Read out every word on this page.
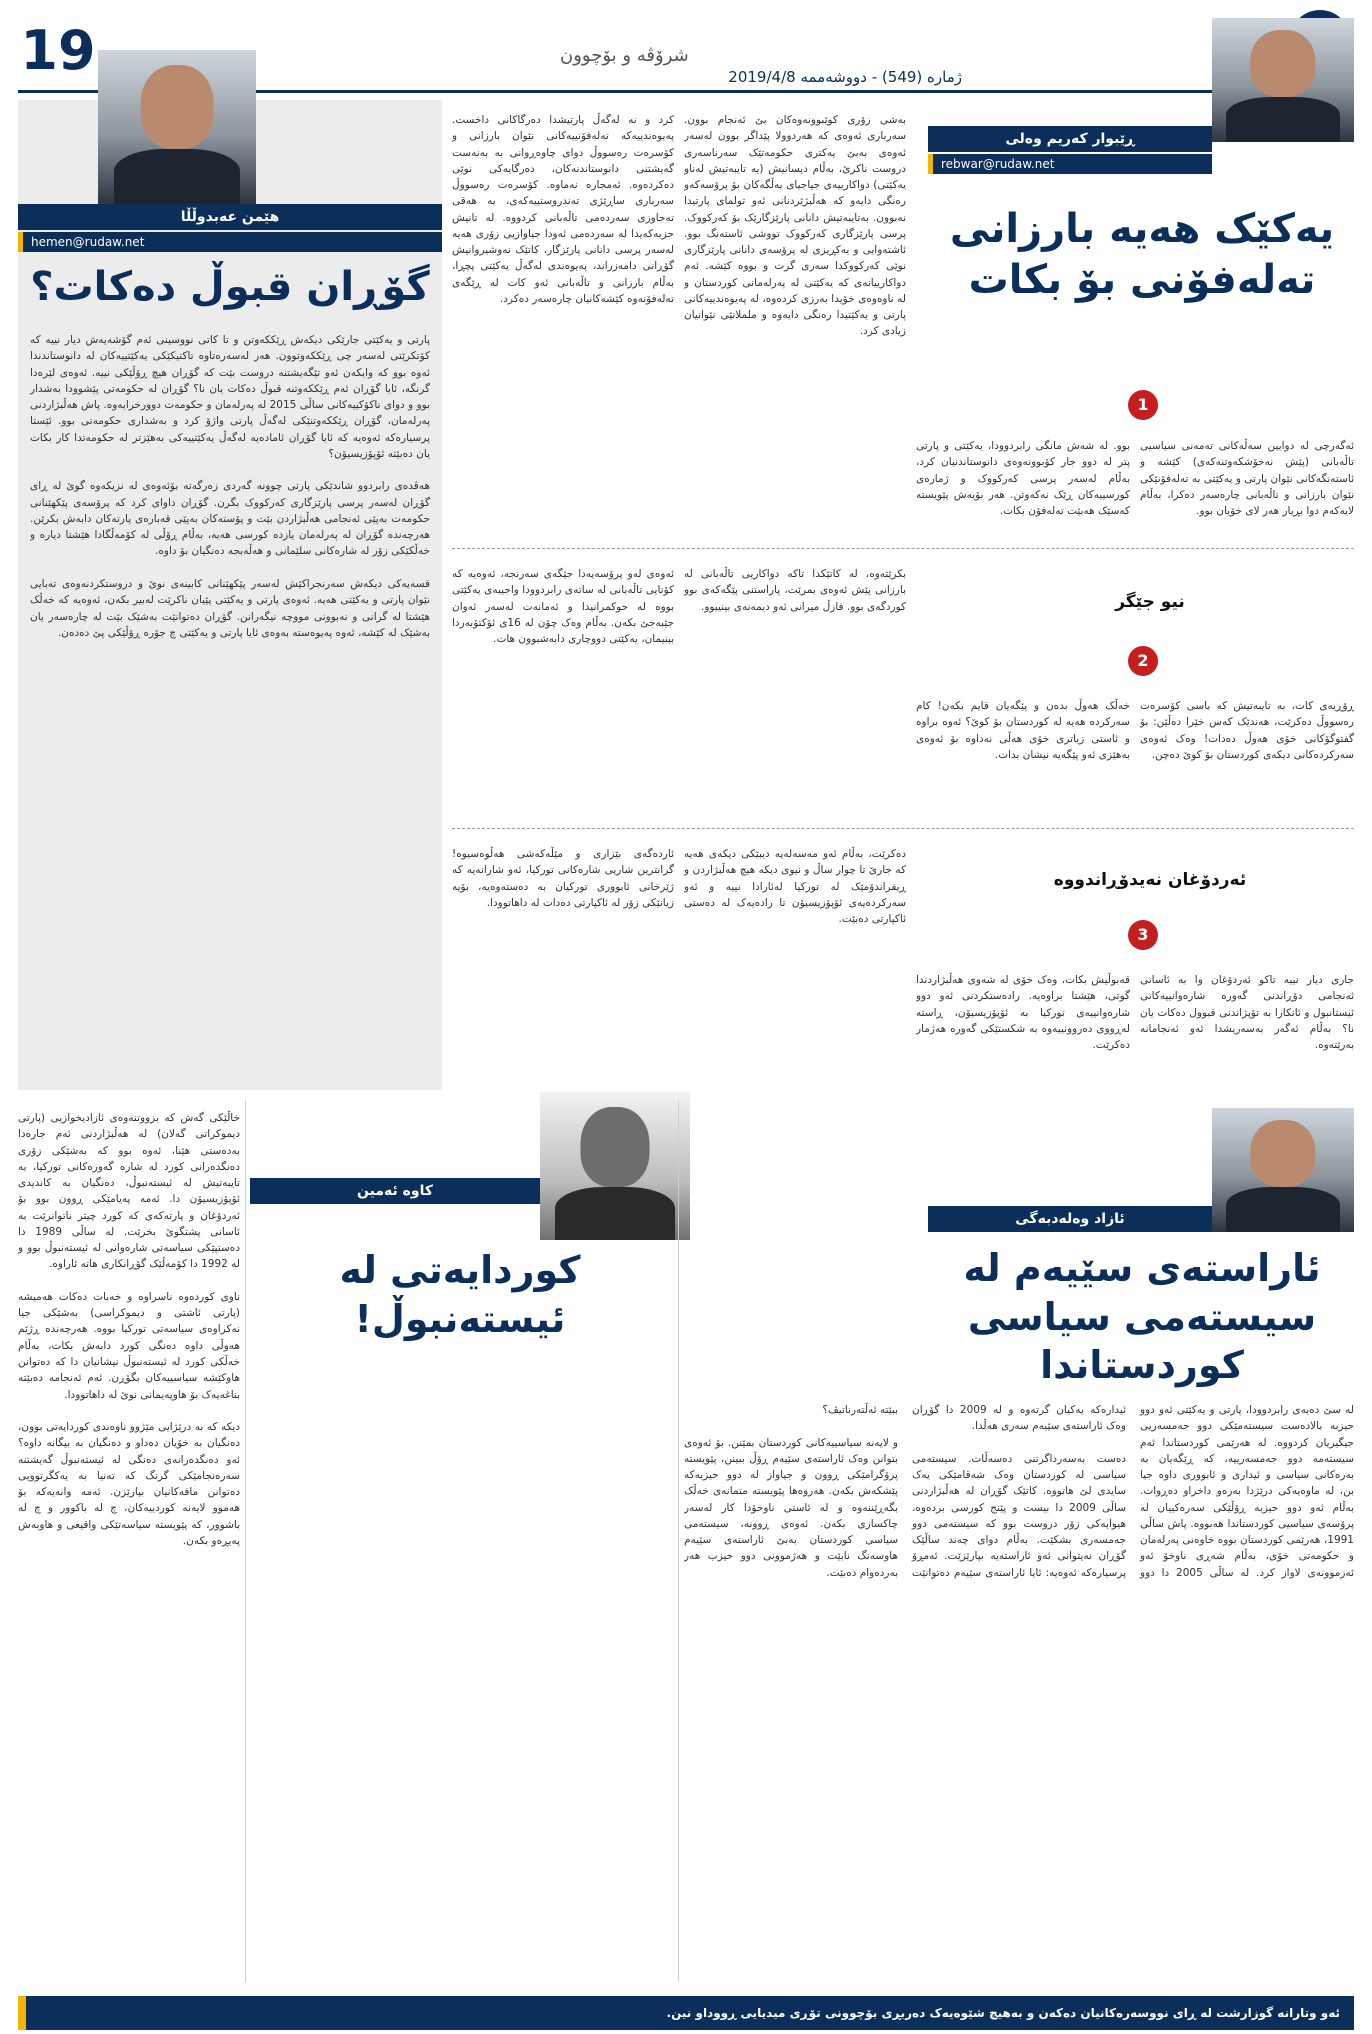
19	شرۆڤە و بۆچوون
ژمارە (549) - دووشەممە 2019/4/8
ڕێبوار کەریم وەلی
rebwar@rudaw.net
یەکێک هەیە بارزانی تەلەفۆنی بۆ بکات
1
ئەگەرچی لە دوایین سەڵەکانی تەمەنی سیاسیی تاڵەبانی (پێش نەخۆشکەوتنەکەی) کێشە و ئاستەنگەکانی نێوان پارتی و یەکێتی بە تەلەفۆنێکی نێوان بارزانی و تاڵەبانی چارەسەر دەکرا، بەڵام لایەکەم دوا بڕیار هەر لای خۆیان بوو.
بوو. لە شەش مانگی رابردوودا، یەکێتی و پارتی پتر لە دوو جار کۆبوونەوەی دانوستاندنیان کرد، بەڵام لەسەر پرسی کەرکووک و ژمارەی کورسییەکان ڕێک نەکەوتن. هەر بۆیەش پێویستە کەسێک هەبێت تەلەفۆن بکات.
بەشی زۆری کوێبوونەوەکان بێ ئەنجام بوون. سەرباری ئەوەی کە هەردوولا پێداگر بوون لەسەر ئەوەی بەبێ یەکتری حکومەتێک سەرناسەری دروست ناکرێ، بەڵام دیسانیش (یە تایبەتیش لەناو یەکێتی) دواکارییەی جیاجیای بەڵگەکان بۆ پرۆسەکەو رەنگی دایەو کە هەڵبژێردنانی ئەو تولمای پارتیدا نەبوون. بەتایبەتیش دانانی پارێزگارێک بۆ کەرکووک. پرسی پارێزگاری کەرکووک تووشی ئاستەنگ بوو. ئاشتەوایی و یەکڕیزی لە پرۆسەی دانانی پارێزگاری نوێی کەرکووکدا سەری گرت و بووە کێشە. ئەم دواکارییانەی کە یەکێتی لە پەرلەمانی کوردستان و لە ناوەوەی خۆیدا بەرزی کردەوە، لە پەیوەندییەکانی پارتی و یەکێتیدا رەنگی دایەوە و ململانێی نێوانیان زیادی کرد.
کرد و نە لەگەڵ پارتیشدا دەرگاکانی داخست. پەیوەندییەکە تەلەفۆنییەکانی نێوان بارزانی و کۆسرەت رەسووڵ دوای چاوەڕوانی بە بەنەست گەیشتنی دانوستاندنەکان، دەرگایەکی نوێی دەکردەوە. ئەمجارە نەماوە. کۆسرەت رەسووڵ سەرباری ساڕێژی تەندروستییەکەی، بە هەقی تەجاوزی سەردەمی تاڵەبانی کردووە. لە تانیش حزبەکەیدا لە سەردەمی ئەودا جیاوازیی زۆری هەیە لەسەر پرسی دانانی پارێزگار، کاتێک نەوشیروانیش گۆڕانی دامەزراند، پەیوەندی لەگەڵ یەکێتی پچڕا، بەڵام بارزانی و تاڵەبانی ئەو کات لە ڕێگەی تەلەفۆنەوە کێشەکانیان چارەسەر دەکرد.
نیو جێگر
2
ڕۆڕیەی کات، بە تایبەتیش کە باسی کۆسرەت رەسووڵ دەکرێت، هەندێک کەس خێرا دەڵێن: بۆ گفتوگۆکانی خۆی هەوڵ دەدات! وەک ئەوەی سەرکردەکانی دیکەی کوردستان بۆ کوێ دەچن.
خەڵک هەوڵ بدەن و پێگەیان قایم بکەن! کام سەرکردە هەیە لە کوردستان بۆ کوێ؟ ئەوە براوە و ئاستی زیاتری خۆی هەڵی نەداوە بۆ ئەوەی بەهێزی ئەو پێگەیە نیشان بدات.
بکرێتەوە، لە کاتێکدا تاکە دواکاریی تاڵەبانی لە بارزانی پێش ئەوەی بمرێت، پاراستنی پێگەکەی بوو کوردگەی بوو. فازڵ میرانی ئەو دیمەنەی بینیبوو.
ئەوەی لەو پرۆسەیەدا جێگەی سەرنجە، ئەوەیە کە کۆتایی تاڵەبانی لە ساتەی رابردوودا واجیبەی یەکێتی بووە لە حوکمرانیدا و ئەمانەت لەسەر ئەوان جێبەجێ بکەن. بەڵام وەک چۆن لە 16ی ئۆکتۆبەردا بینیمان، یەکێتی دووچاری دابەشبوون هات.
ئەردۆغان نەیدۆڕاندووە
3
جاری دیار نییە تاکو ئەردۆغان وا بە ئاسانی ئەنجامی دۆڕاندنی گەورە شارەوانییەکانی ئیستانبول و ئانکارا بە تۆپژاندنی قبوول دەکات یان نا؟ بەڵام ئەگەر بەسەریشدا ئەو ئەنجامانە بەرێتەوە.
قەبوڵیش بکات، وەک خۆی لە شەوی هەڵبژاردندا گوتی، هێشتا براوەیە. رادەستکردنی ئەو دوو شارەوانییەی تورکیا بە ئۆپۆزیسیۆن، ڕاستە لەڕووی دەروونییەوە بە شکستێکی گەورە هەژمار دەکرێت.
دەکرێت، بەڵام ئەو مەسەلەیە دیبێکی دیکەی هەیە کە جارێ تا چوار ساڵ و نیوی دیکە هیچ هەڵبژاردن و ڕیفراندۆمێک لە تورکیا لەئارادا نییە و ئەو سەرکردەیەی ئۆپۆزیسیۆن تا رادەیەک لە دەستی ئاکپارتی دەبێت.
ئاردەگەی بێزاری و مێڵەکەشی هەڵوەسیوە! گرانترین شاریی شارەکانی تورکیا، ئەو شارانەیە کە ژێرخانی ئابووری تورکیان بە دەستەوەیە، بۆیە زیانێکی زۆر لە ئاکپارتی دەدات لە داهاتوودا.
هێمن عەبدوڵڵا
hemen@rudaw.net
گۆڕان قبوڵ دەکات؟
پارتی و یەکێتی جارێکی دیکەش ڕێککەوتن و تا کاتی نووسینی ئەم گۆشەیەش دیار نییە کە کۆتکرێتی لەسەر چی ڕێککەوتوون. هەر لەسەرەتاوە تاکتیکێکی یەکێتییەکان لە دانوستاندندا ئەوە بوو کە وایکەن ئەو تێگەیشتنە دروست بێت کە گۆڕان هیچ ڕۆڵێکی نییە. ئەوەی لێرەدا گرنگە، ئایا گۆڕان ئەم ڕێککەوتنە قبوڵ دەکات یان نا؟ گۆڕان لە حکومەتی پێشوودا بەشدار بوو و دوای ناکۆکییەکانی ساڵی 2015 لە پەرلەمان و حکومەت دوورخرایەوە. پاش هەڵبژاردنی پەرلەمان، گۆڕان ڕێککەوتنێکی لەگەڵ پارتی واژۆ کرد و بەشداری حکومەتی بوو. ئێستا پرسیارەکە ئەوەیە کە ئایا گۆڕان ئامادەیە لەگەڵ یەکێتییەکی بەهێزتر لە حکومەتدا کار بکات یان دەبێتە ئۆپۆزیسیۆن؟

هەڤدەی رابردوو شاندێکی پارتی چوونە گەردی زەرگەتە بۆئەوەی لە نزیکەوە گوێ لە ڕای گۆڕان لەسەر پرسی پارێزگاری کەرکووک بگرن. گۆڕان داوای کرد کە پرۆسەی پێکهێنانی حکومەت بەپێی ئەنجامی هەڵبژاردن بێت و پۆستەکان بەپێی قەبارەی پارتەکان دابەش بکرێن. هەرچەندە گۆڕان لە پەرلەمان یازدە کورسی هەیە، بەڵام ڕۆڵی لە کۆمەڵگادا هێشتا دیارە و خەڵکێکی زۆر لە شارەکانی سلێمانی و هەڵەبجە دەنگیان بۆ داوە.

قسەیەکی دیکەش سەرنجراکێش لەسەر پێکهێنانی کابینەی نوێ و دروستکردنەوەی تەبایی نێوان پارتی و یەکێتی هەیە. ئەوەی پارتی و یەکێتی پێیان ناکرێت لەبیر بکەن، ئەوەیە کە خەڵک هێشتا لە گرانی و نەبوونی مووچە نیگەرانن. گۆڕان دەتوانێت بەشێک بێت لە چارەسەر یان بەشێک لە کێشە، ئەوە پەیوەستە بەوەی ئایا پارتی و یەکێتی چ جۆرە ڕۆڵێکی پێ دەدەن.
ئازاد وەلەدبەگی
ئاراستەی سێیەم لە سیستەمی سیاسی کوردستاندا
لە سێ دەیەی رابردوودا، پارتی و یەکێتی ئەو دوو حیزبە بالادەست سیستەمێکی دوو جەمسەریی جیگیریان کردووە. لە هەرێمی کوردستاندا ئەم سیستەمە دوو جەمسەرییە، کە ڕێگەیان بە بەرەکانی سیاسی و ئیداری و ئابووری داوە جیا بن، لە ماوەیەکی درێژدا بەرەو داخراو دەڕوات. بەڵام ئەو دوو حیزبە ڕۆڵێکی سەرەکییان لە پرۆسەی سیاسیی کوردستاندا هەبووە. پاش ساڵی 1991، هەرێمی کوردستان بووە خاوەنی پەرلەمان و حکومەتی خۆی، بەڵام شەڕی ناوخۆ ئەو ئەزموونەی لاواز کرد. لە ساڵی 2005 دا دوو ئیدارەکە یەکیان گرتەوە و لە 2009 دا گۆڕان وەک ئاراستەی سێیەم سەری هەڵدا.

دەست بەسەرداگرتنی دەسەڵات. سیستەمی سیاسی لە کوردستان وەک شەقامێکی یەک سایدی لێ هاتووە. کاتێک گۆڕان لە هەڵبژاردنی ساڵی 2009 دا بیست و پێنج کورسی بردەوە، هیوایەکی زۆر دروست بوو کە سیستەمی دوو جەمسەری بشکێت. بەڵام دوای چەند ساڵێک گۆڕان نەیتوانی ئەو ئاراستەیە بپارێزێت. ئەمڕۆ پرسیارەکە ئەوەیە: ئایا ئاراستەی سێیەم دەتوانێت ببێتە ئەڵتەرناتیڤ؟

و لایەنە سیاسییەکانی کوردستان بمێنن. بۆ ئەوەی بتوانن وەک ئاراستەی سێیەم ڕۆڵ ببینن، پێویستە پرۆگرامێکی ڕوون و جیاواز لە دوو حیزبەکە پێشکەش بکەن. هەروەها پێویستە متمانەی خەڵک بگەڕێننەوە و لە ئاستی ناوخۆدا کار لەسەر چاکسازی بکەن. ئەوەی ڕوونە، سیستەمی سیاسی کوردستان بەبێ ئاراستەی سێیەم هاوسەنگ نابێت و هەژموونی دوو حیزب هەر بەردەوام دەبێت.
کاوە ئەمین
کوردایەتی لە ئیستەنبوڵ!
خاڵێکی گەش کە بزووتنەوەی ئازادیخوازیی (پارتی دیموکراتی گەلان) لە هەڵبژاردنی ئەم جارەدا بەدەستی هێنا، ئەوە بوو کە بەشێکی زۆری دەنگدەرانی کورد لە شارە گەورەکانی تورکیا، بە تایبەتیش لە ئیستەنبوڵ، دەنگیان بە کاندیدی ئۆپۆزیسیۆن دا. ئەمە پەیامێکی ڕوون بوو بۆ ئەردۆغان و پارتەکەی کە کورد چیتر ناتوانرێت بە ئاسانی پشتگوێ بخرێت. لە ساڵی 1989 دا دەستپێکی سیاسەتی شارەوانی لە ئیستەنبوڵ بوو و لە 1992 دا کۆمەڵێک گۆڕانکاری هاتە ئاراوە.

ناوی کوردەوە ناسراوە و خەبات دەکات هەمیشە (پارتی ئاشتی و دیموکراسی) بەشێکی جیا نەکراوەی سیاسەتی تورکیا بووە. هەرچەندە ڕژێم هەوڵی داوە دەنگی کورد دابەش بکات، بەڵام خەڵکی کورد لە ئیستەنبوڵ نیشانیان دا کە دەتوانن هاوکێشە سیاسییەکان بگۆڕن. ئەم ئەنجامە دەبێتە بناغەیەک بۆ هاوپەیمانی نوێ لە داهاتوودا.

دیکە کە بە درێژایی مێژوو ناوەندی کوردایەتی بوون، دەنگیان بە خۆیان دەداو و دەنگیان بە بیگانە داوە؟ ئەو دەنگدەرانەی دەنگی لە ئیستەنبوڵ گەیشتنە سەرەنجامێکی گرنگ کە تەنیا بە یەکگرتوویی دەتوانن مافەکانیان بپارێزن. ئەمە وانەیەکە بۆ هەموو لایەنە کوردییەکان، چ لە باکوور و چ لە باشوور، کە پێویستە سیاسەتێکی واقیعی و هاوبەش پەیڕەو بکەن.
ئەو وتارانە گوزارشت لە ڕای نووسەرەکانیان دەکەن و بەهیچ شێوەیەک دەربڕی بۆچوونی تۆڕی میدیایی ڕووداو نین.
